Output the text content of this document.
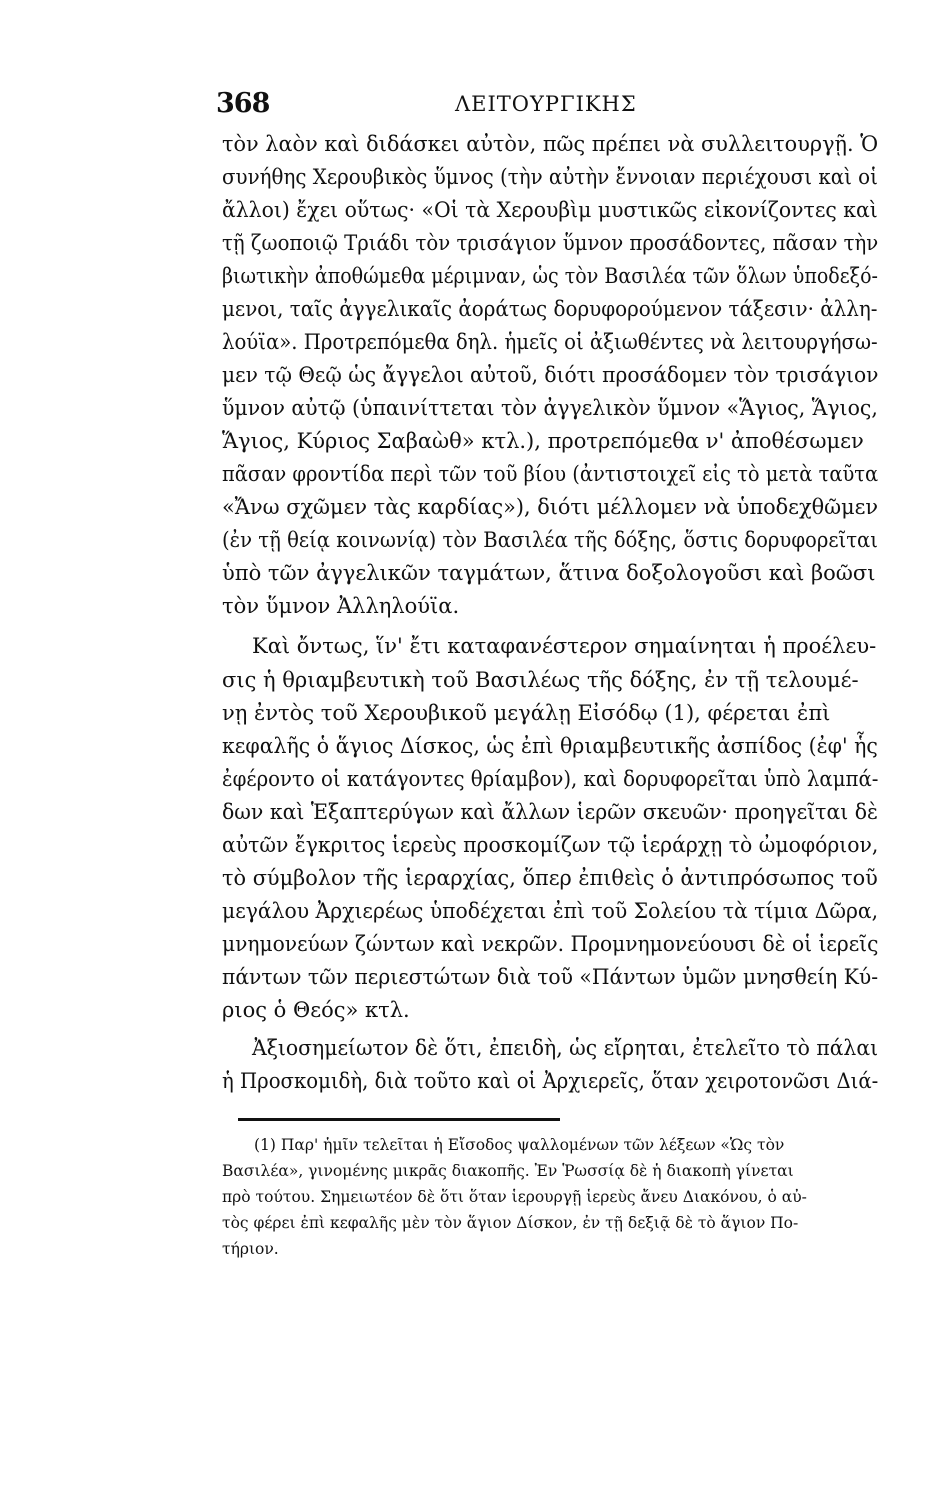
368	ΛΕΙΤΟΥΡΓΙΚΗΣ
τὸν λαὸν καὶ διδάσκει αὐτὸν, πῶς πρέπει νὰ συλλειτουργῇ. Ὁ
συνήθης Χερουβικὸς ὕμνος (τὴν αὐτὴν ἔννοιαν περιέχουσι καὶ οἱ
ἄλλοι) ἔχει οὕτως· «Οἱ τὰ Χερουβὶμ μυστικῶς εἰκονίζοντες καὶ
τῇ ζωοποιῷ Τριάδι τὸν τρισάγιον ὕμνον προσάδοντες, πᾶσαν τὴν
βιωτικὴν ἀποθώμεθα μέριμναν, ὡς τὸν Βασιλέα τῶν ὅλων ὑποδεξό-
μενοι, ταῖς ἀγγελικαῖς ἀοράτως δορυφορούμενον τάξεσιν· ἀλλη-
λούϊα». Προτρεπόμεθα δηλ. ἡμεῖς οἱ ἀξιωθέντες νὰ λειτουργήσω-
μεν τῷ Θεῷ ὡς ἄγγελοι αὐτοῦ, διότι προσάδομεν τὸν τρισάγιον
ὕμνον αὐτῷ (ὑπαινίττεται τὸν ἀγγελικὸν ὕμνον «Ἅγιος, Ἅγιος,
Ἅγιος, Κύριος Σαβαὼθ» κτλ.), προτρεπόμεθα ν' ἀποθέσωμεν
πᾶσαν φροντίδα περὶ τῶν τοῦ βίου (ἀντιστοιχεῖ εἰς τὸ μετὰ ταῦτα
«Ἄνω σχῶμεν τὰς καρδίας»), διότι μέλλομεν νὰ ὑποδεχθῶμεν
(ἐν τῇ θείᾳ κοινωνίᾳ) τὸν Βασιλέα τῆς δόξης, ὅστις δορυφορεῖται
ὑπὸ τῶν ἀγγελικῶν ταγμάτων, ἅτινα δοξολογοῦσι καὶ βοῶσι
τὸν ὕμνον Ἀλληλούϊα.
Καὶ ὄντως, ἵν' ἔτι καταφανέστερον σημαίνηται ἡ προέλευ-
σις ἡ θριαμβευτικὴ τοῦ Βασιλέως τῆς δόξης, ἐν τῇ τελουμέ-
νῃ ἐντὸς τοῦ Χερουβικοῦ μεγάλῃ Εἰσόδῳ (1), φέρεται ἐπὶ
κεφαλῆς ὁ ἅγιος Δίσκος, ὡς ἐπὶ θριαμβευτικῆς ἀσπίδος (ἐφ' ἧς
ἐφέροντο οἱ κατάγοντες θρίαμβον), καὶ δορυφορεῖται ὑπὸ λαμπά-
δων καὶ Ἑξαπτερύγων καὶ ἄλλων ἱερῶν σκευῶν· προηγεῖται δὲ
αὐτῶν ἔγκριτος ἱερεὺς προσκομίζων τῷ ἱεράρχῃ τὸ ὠμοφόριον,
τὸ σύμβολον τῆς ἱεραρχίας, ὅπερ ἐπιθεὶς ὁ ἀντιπρόσωπος τοῦ
μεγάλου Ἀρχιερέως ὑποδέχεται ἐπὶ τοῦ Σολείου τὰ τίμια Δῶρα,
μνημονεύων ζώντων καὶ νεκρῶν. Προμνημονεύουσι δὲ οἱ ἱερεῖς
πάντων τῶν περιεστώτων διὰ τοῦ «Πάντων ὑμῶν μνησθείη Κύ-
ριος ὁ Θεός» κτλ.
Ἀξιοσημείωτον δὲ ὅτι, ἐπειδὴ, ὡς εἴρηται, ἐτελεῖτο τὸ πάλαι
ἡ Προσκομιδὴ, διὰ τοῦτο καὶ οἱ Ἀρχιερεῖς, ὅταν χειροτονῶσι Διά-
(1) Παρ' ἡμῖν τελεῖται ἡ Εἴσοδος ψαλλομένων τῶν λέξεων «Ὡς τὸν
Βασιλέα», γινομένης μικρᾶς διακοπῆς. Ἐν Ῥωσσίᾳ δὲ ἡ διακοπὴ γίνεται
πρὸ τούτου. Σημειωτέον δὲ ὅτι ὅταν ἱερουργῇ ἱερεὺς ἄνευ Διακόνου, ὁ αὐ-
τὸς φέρει ἐπὶ κεφαλῆς μὲν τὸν ἅγιον Δίσκον, ἐν τῇ δεξιᾷ δὲ τὸ ἅγιον Πο-
τήριον.
